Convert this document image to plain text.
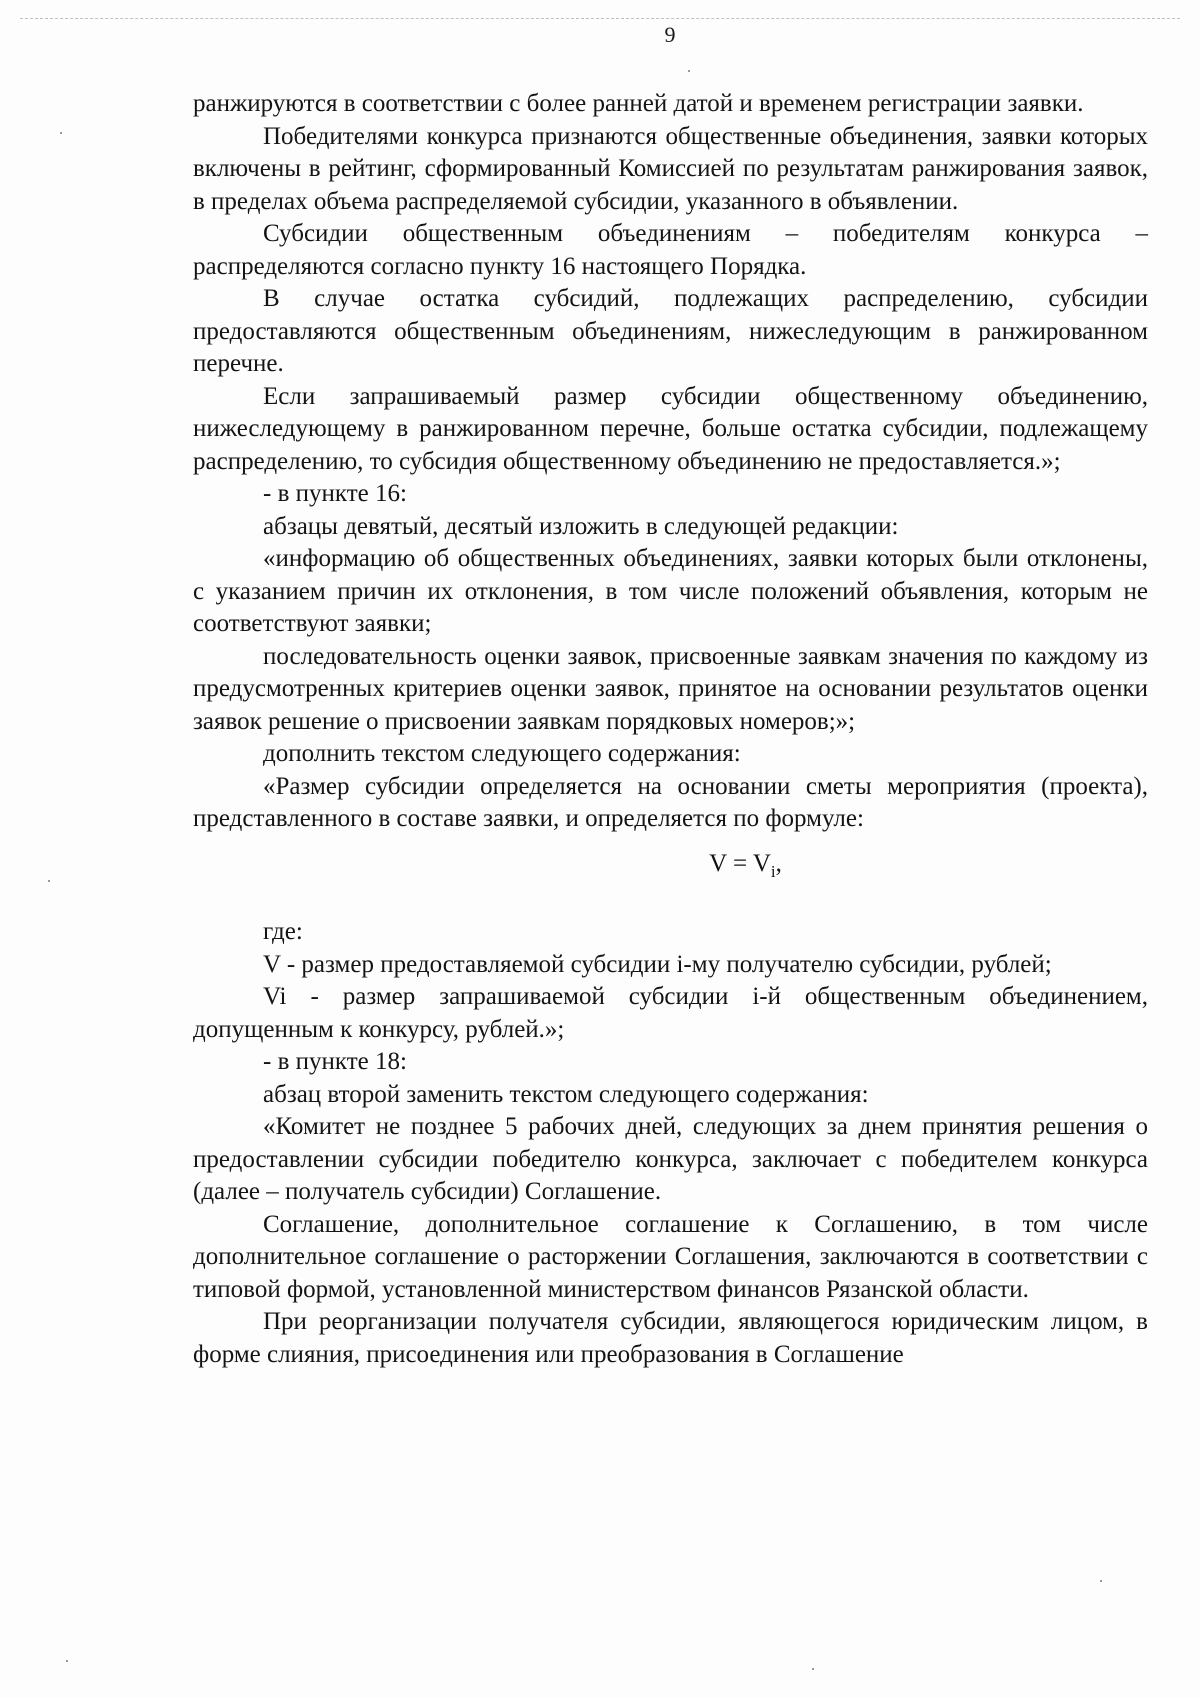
9

ранжируются в соответствии с более ранней датой и временем регистрации заявки.

Победителями конкурса признаются общественные объединения, заявки которых включены в рейтинг, сформированный Комиссией по результатам ранжирования заявок, в пределах объема распределяемой субсидии, указанного в объявлении.

Субсидии общественным объединениям – победителям конкурса – распределяются согласно пункту 16 настоящего Порядка.

В случае остатка субсидий, подлежащих распределению, субсидии предоставляются общественным объединениям, нижеследующим в ранжированном перечне.

Если запрашиваемый размер субсидии общественному объединению, нижеследующему в ранжированном перечне, больше остатка субсидии, подлежащему распределению, то субсидия общественному объединению не предоставляется.»;

- в пункте 16:

абзацы девятый, десятый изложить в следующей редакции:

«информацию об общественных объединениях, заявки которых были отклонены, с указанием причин их отклонения, в том числе положений объявления, которым не соответствуют заявки;

последовательность оценки заявок, присвоенные заявкам значения по каждому из предусмотренных критериев оценки заявок, принятое на основании результатов оценки заявок решение о присвоении заявкам порядковых номеров;»;

дополнить текстом следующего содержания:

«Размер субсидии определяется на основании сметы мероприятия (проекта), представленного в составе заявки, и определяется по формуле:

$V = V_i$,

где:

V - размер предоставляемой субсидии i-му получателю субсидии, рублей;

Vi - размер запрашиваемой субсидии i-й общественным объединением, допущенным к конкурсу, рублей.»;

- в пункте 18:

абзац второй заменить текстом следующего содержания:

«Комитет не позднее 5 рабочих дней, следующих за днем принятия решения о предоставлении субсидии победителю конкурса, заключает с победителем конкурса (далее – получатель субсидии) Соглашение.

Соглашение, дополнительное соглашение к Соглашению, в том числе дополнительное соглашение о расторжении Соглашения, заключаются в соответствии с типовой формой, установленной министерством финансов Рязанской области.

При реорганизации получателя субсидии, являющегося юридическим лицом, в форме слияния, присоединения или преобразования в Соглашение
